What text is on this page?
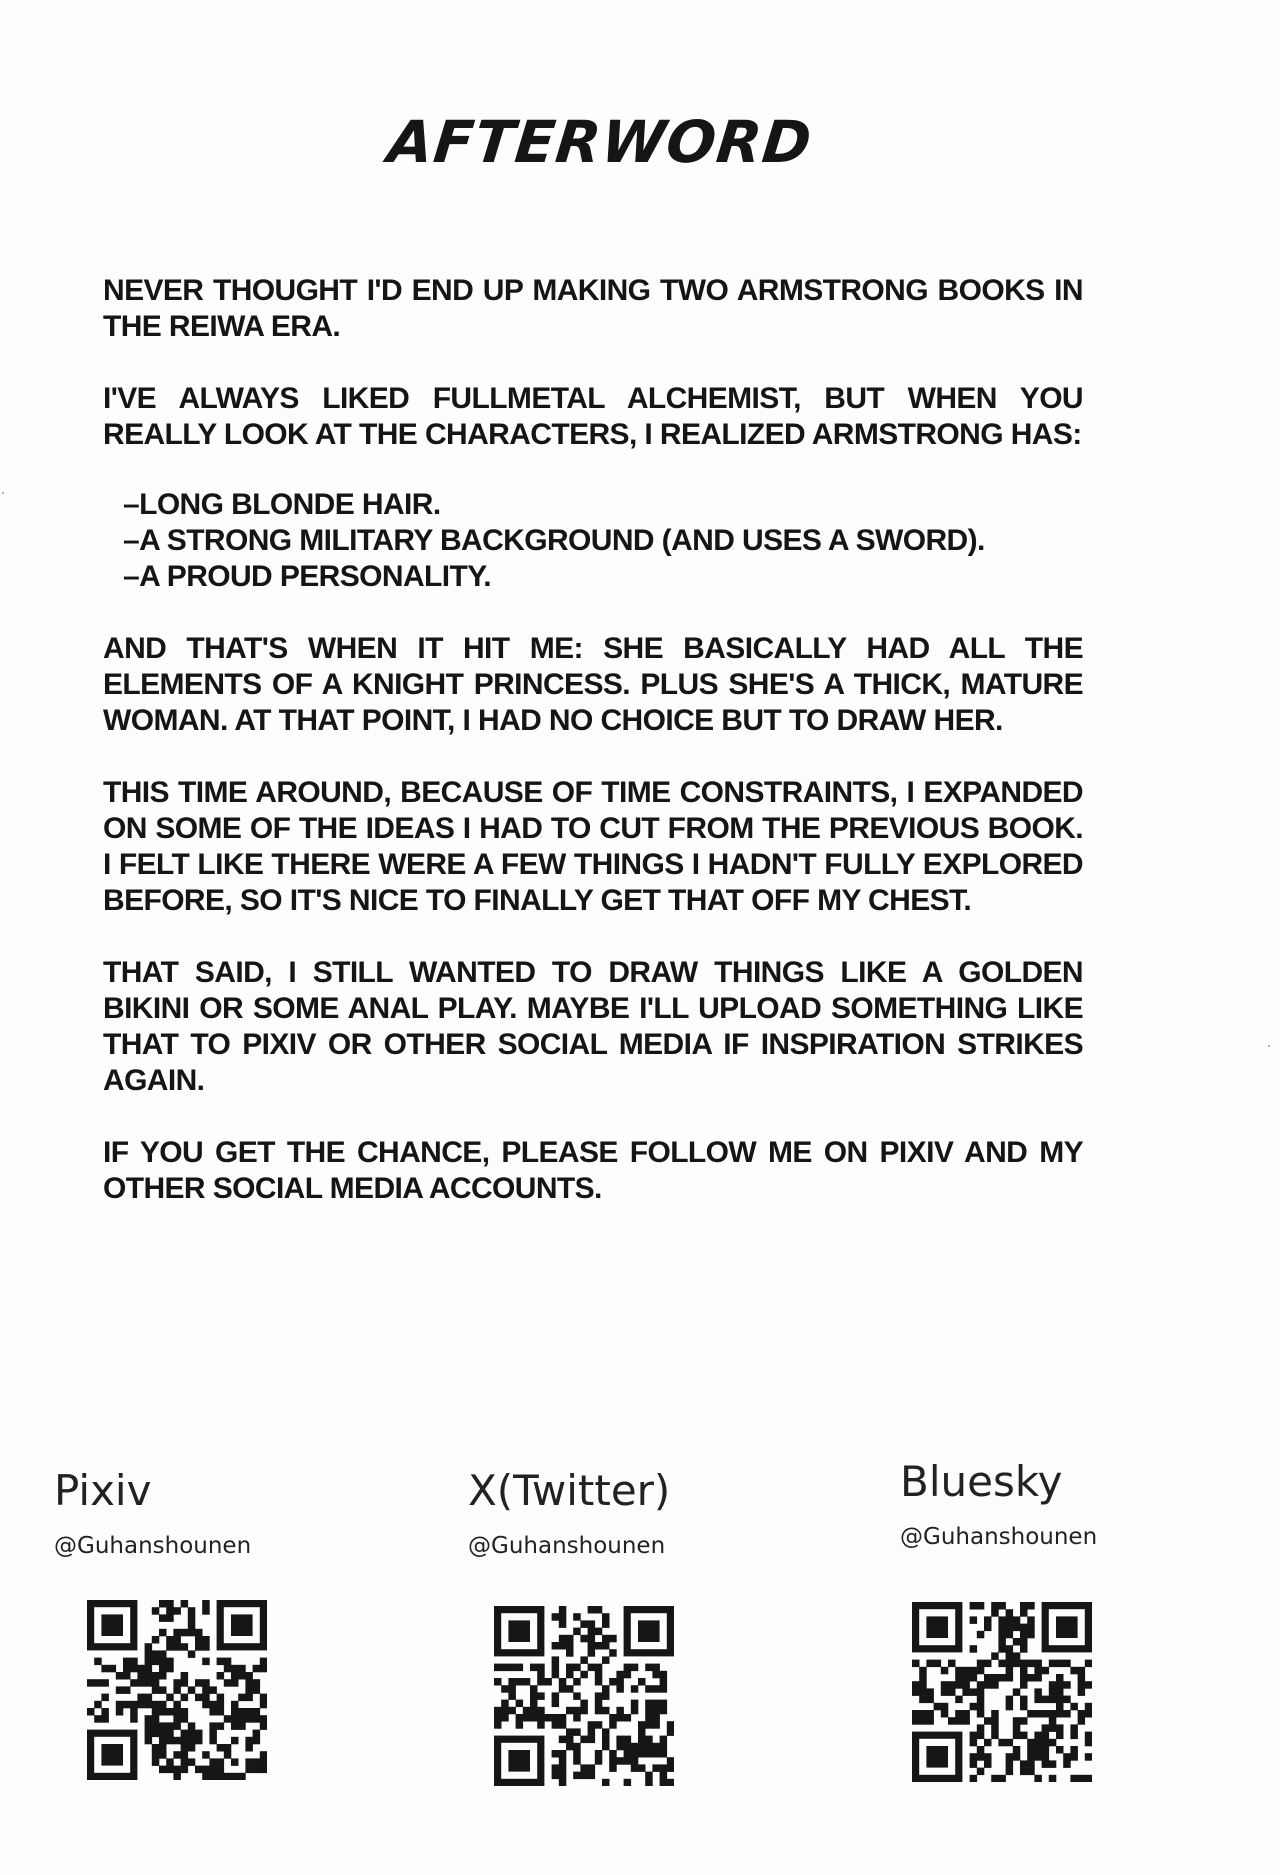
AFTERWORD

NEVER THOUGHT I'D END UP MAKING TWO ARMSTRONG BOOKS IN THE REIWA ERA.

I'VE ALWAYS LIKED FULLMETAL ALCHEMIST, BUT WHEN YOU REALLY LOOK AT THE CHARACTERS, I REALIZED ARMSTRONG HAS:

– LONG BLONDE HAIR.
– A STRONG MILITARY BACKGROUND (AND USES A SWORD).
– A PROUD PERSONALITY.

AND THAT'S WHEN IT HIT ME: SHE BASICALLY HAD ALL THE ELEMENTS OF A KNIGHT PRINCESS. PLUS SHE'S A THICK, MATURE WOMAN. AT THAT POINT, I HAD NO CHOICE BUT TO DRAW HER.

THIS TIME AROUND, BECAUSE OF TIME CONSTRAINTS, I EXPANDED ON SOME OF THE IDEAS I HAD TO CUT FROM THE PREVIOUS BOOK. I FELT LIKE THERE WERE A FEW THINGS I HADN'T FULLY EXPLORED BEFORE, SO IT'S NICE TO FINALLY GET THAT OFF MY CHEST.

THAT SAID, I STILL WANTED TO DRAW THINGS LIKE A GOLDEN BIKINI OR SOME ANAL PLAY. MAYBE I'LL UPLOAD SOMETHING LIKE THAT TO PIXIV OR OTHER SOCIAL MEDIA IF INSPIRATION STRIKES AGAIN.

IF YOU GET THE CHANCE, PLEASE FOLLOW ME ON PIXIV AND MY OTHER SOCIAL MEDIA ACCOUNTS.

Pixiv
@Guhanshounen
X(Twitter)
@Guhanshounen
Bluesky
@Guhanshounen
